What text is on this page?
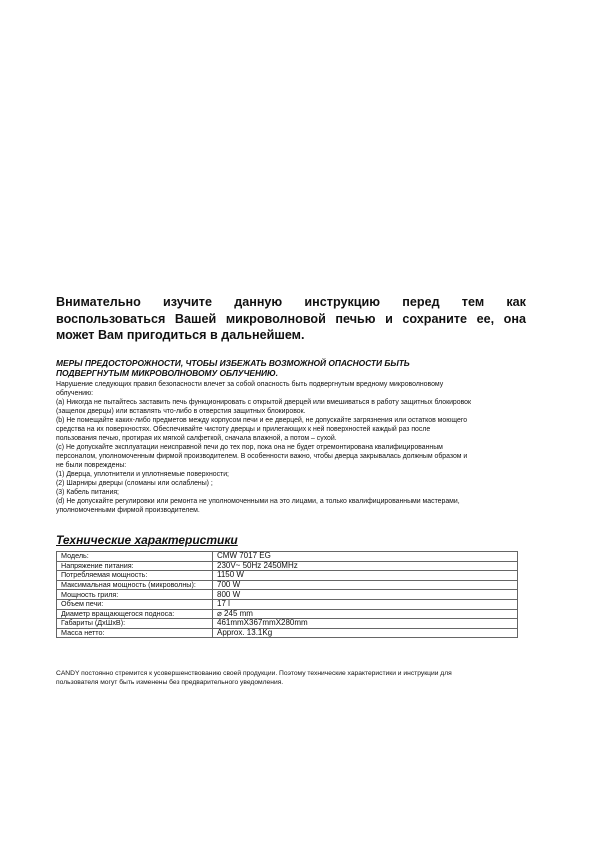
Внимательно изучите данную инструкцию перед тем как
воспользоваться Вашей микроволновой печью и сохраните ее, она
может Вам пригодиться в дальнейшем.

МЕРЫ ПРЕДОСТОРОЖНОСТИ, ЧТОБЫ ИЗБЕЖАТЬ ВОЗМОЖНОЙ ОПАСНОСТИ БЫТЬ
ПОДВЕРГНУТЫМ МИКРОВОЛНОВОМУ ОБЛУЧЕНИЮ.

Нарушение следующих правил безопасности влечет за собой опасность быть подвергнутым вредному микроволновому
облучению:
(а) Никогда не пытайтесь заставить печь функционировать с открытой дверцей или вмешиваться в работу защитных блокировок
(защелок дверцы) или вставлять что-либо в отверстия защитных блокировок.
(b) Не помещайте каких-либо предметов между корпусом печи и ее дверцей, не допускайте загрязнения или остатков моющего
средства на их поверхностях. Обеспечивайте чистоту дверцы и прилегающих к ней поверхностей каждый раз после
пользования печью, протирая их мягкой салфеткой, сначала влажной, а потом – сухой.
(с) Не допускайте эксплуатации неисправной печи до тех пор, пока она не будет отремонтирована квалифицированным
персоналом, уполномоченным фирмой производителем. В особенности важно, чтобы дверца закрывалась должным образом и
не были повреждены:
(1) Дверца, уплотнители и уплотняемые поверхности;
(2) Шарниры дверцы (сломаны или ослаблены) ;
(3) Кабель питания;
(d) Не допускайте регулировки или ремонта не уполномоченными на это лицами, а только квалифицированными мастерами,
уполномоченными фирмой производителем.

Технические характеристики

Модель:	CMW 7017 EG
Напряжение питания:	230V~ 50Hz 2450MHz
Потребляемая мощность:	1150 W
Максимальная мощность (микроволны):	700 W
Мощность гриля:	800 W
Объем печи:	17 l
Диаметр вращающегося подноса:	⌀ 245 mm
Габариты (ДхШхВ):	461mmX367mmX280mm
Масса нетто:	Approx. 13.1Kg
CANDY постоянно стремится к усовершенствованию своей продукции. Поэтому технические характеристики и инструкции для
пользователя могут быть изменены без предварительного уведомления.
